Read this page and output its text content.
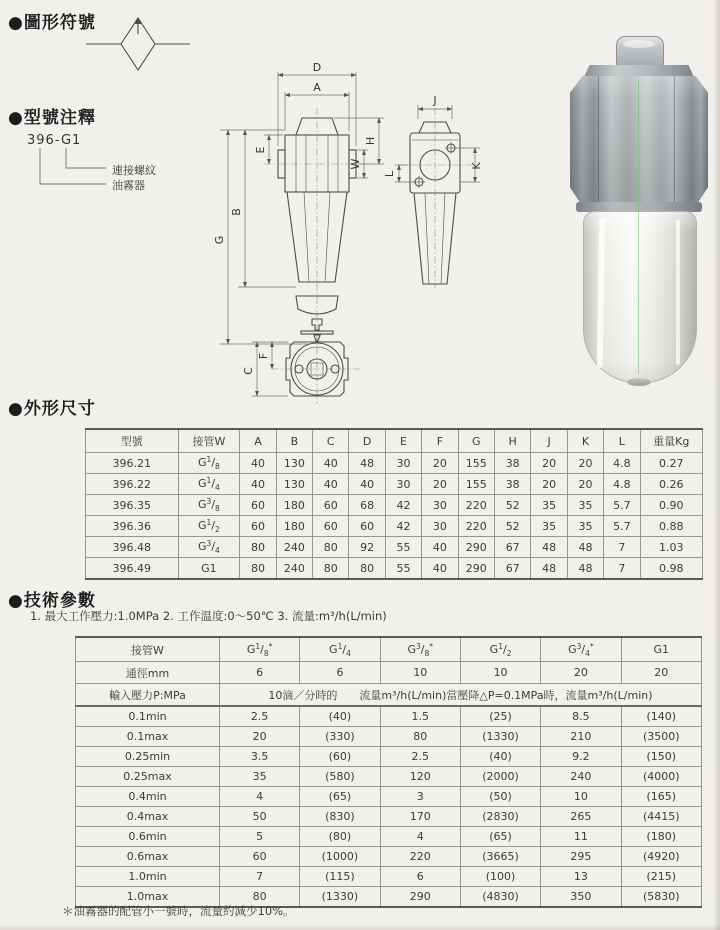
●圖形符號
●型號注釋
●外形尺寸
●技術參數
396-G1
連接螺紋
油霧器
D
A
E
W
H
G
B
C
F
J
K
L
型號	接管W	A	B	C	D	E	F	G	H	J	K	L	重量Kg
396.21	$G^1/_8$	40	130	40	48	30	20	155	38	20	20	4.8	0.27
396.22	$G^1/_4$	40	130	40	40	30	20	155	38	20	20	4.8	0.26
396.35	$G^3/_8$	60	180	60	68	42	30	220	52	35	35	5.7	0.90
396.36	$G^1/_2$	60	180	60	60	42	30	220	52	35	35	5.7	0.88
396.48	$G^3/_4$	80	240	80	92	55	40	290	67	48	48	7	1.03
396.49	G1	80	240	80	80	55	40	290	67	48	48	7	0.98
1. 最大工作壓力:1.0MPa 2. 工作温度:0～50℃ 3. 流量:m³/h(L/min)
接管W	$G^1/_8^*$	$G^1/_4$	$G^3/_8^*$	$G^1/_2$	$G^3/_4^*$	G1
通徑mm	6	6	10	10	20	20
輸入壓力P:MPa	10滴／分時的　　流量m³/h(L/min)當壓降△P=0.1MPa時，流量m³/h(L/min)					
0.1min	2.5	(40)	1.5	(25)	8.5	(140)
0.1max	20	(330)	80	(1330)	210	(3500)
0.25min	3.5	(60)	2.5	(40)	9.2	(150)
0.25max	35	(580)	120	(2000)	240	(4000)
0.4min	4	(65)	3	(50)	10	(165)
0.4max	50	(830)	170	(2830)	265	(4415)
0.6min	5	(80)	4	(65)	11	(180)
0.6max	60	(1000)	220	(3665)	295	(4920)
1.0min	7	(115)	6	(100)	13	(215)
1.0max	80	(1330)	290	(4830)	350	(5830)
＊油霧器的配管小一號時，流量約減少10%。
